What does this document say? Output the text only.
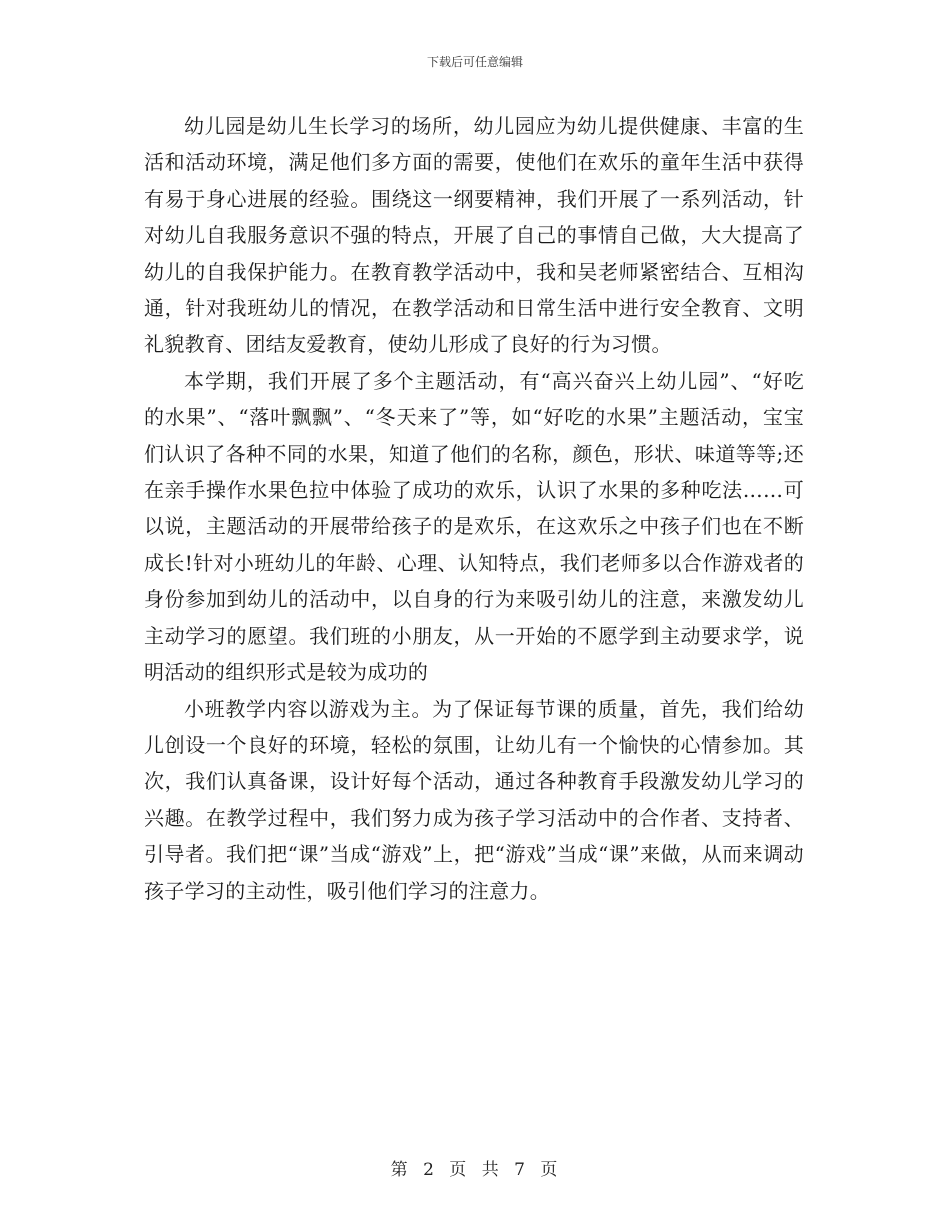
下载后可任意编辑

幼儿园是幼儿生长学习的场所，幼儿园应为幼儿提供健康、丰富的生活和活动环境，满足他们多方面的需要，使他们在欢乐的童年生活中获得有易于身心进展的经验。围绕这一纲要精神，我们开展了一系列活动，针对幼儿自我服务意识不强的特点，开展了自己的事情自己做，大大提高了幼儿的自我保护能力。在教育教学活动中，我和吴老师紧密结合、互相沟通，针对我班幼儿的情况，在教学活动和日常生活中进行安全教育、文明礼貌教育、团结友爱教育，使幼儿形成了良好的行为习惯。

本学期，我们开展了多个主题活动，有“高兴奋兴上幼儿园”、“好吃的水果”、“落叶飘飘”、“冬天来了”等，如“好吃的水果”主题活动，宝宝们认识了各种不同的水果，知道了他们的名称，颜色，形状、味道等等;还在亲手操作水果色拉中体验了成功的欢乐，认识了水果的多种吃法……可以说，主题活动的开展带给孩子的是欢乐，在这欢乐之中孩子们也在不断成长!针对小班幼儿的年龄、心理、认知特点，我们老师多以合作游戏者的身份参加到幼儿的活动中，以自身的行为来吸引幼儿的注意，来激发幼儿主动学习的愿望。我们班的小朋友，从一开始的不愿学到主动要求学，说明活动的组织形式是较为成功的

小班教学内容以游戏为主。为了保证每节课的质量，首先，我们给幼儿创设一个良好的环境，轻松的氛围，让幼儿有一个愉快的心情参加。其次，我们认真备课，设计好每个活动，通过各种教育手段激发幼儿学习的兴趣。在教学过程中，我们努力成为孩子学习活动中的合作者、支持者、引导者。我们把“课”当成“游戏”上，把“游戏”当成“课”来做，从而来调动孩子学习的主动性，吸引他们学习的注意力。

第 2 页 共 7 页
